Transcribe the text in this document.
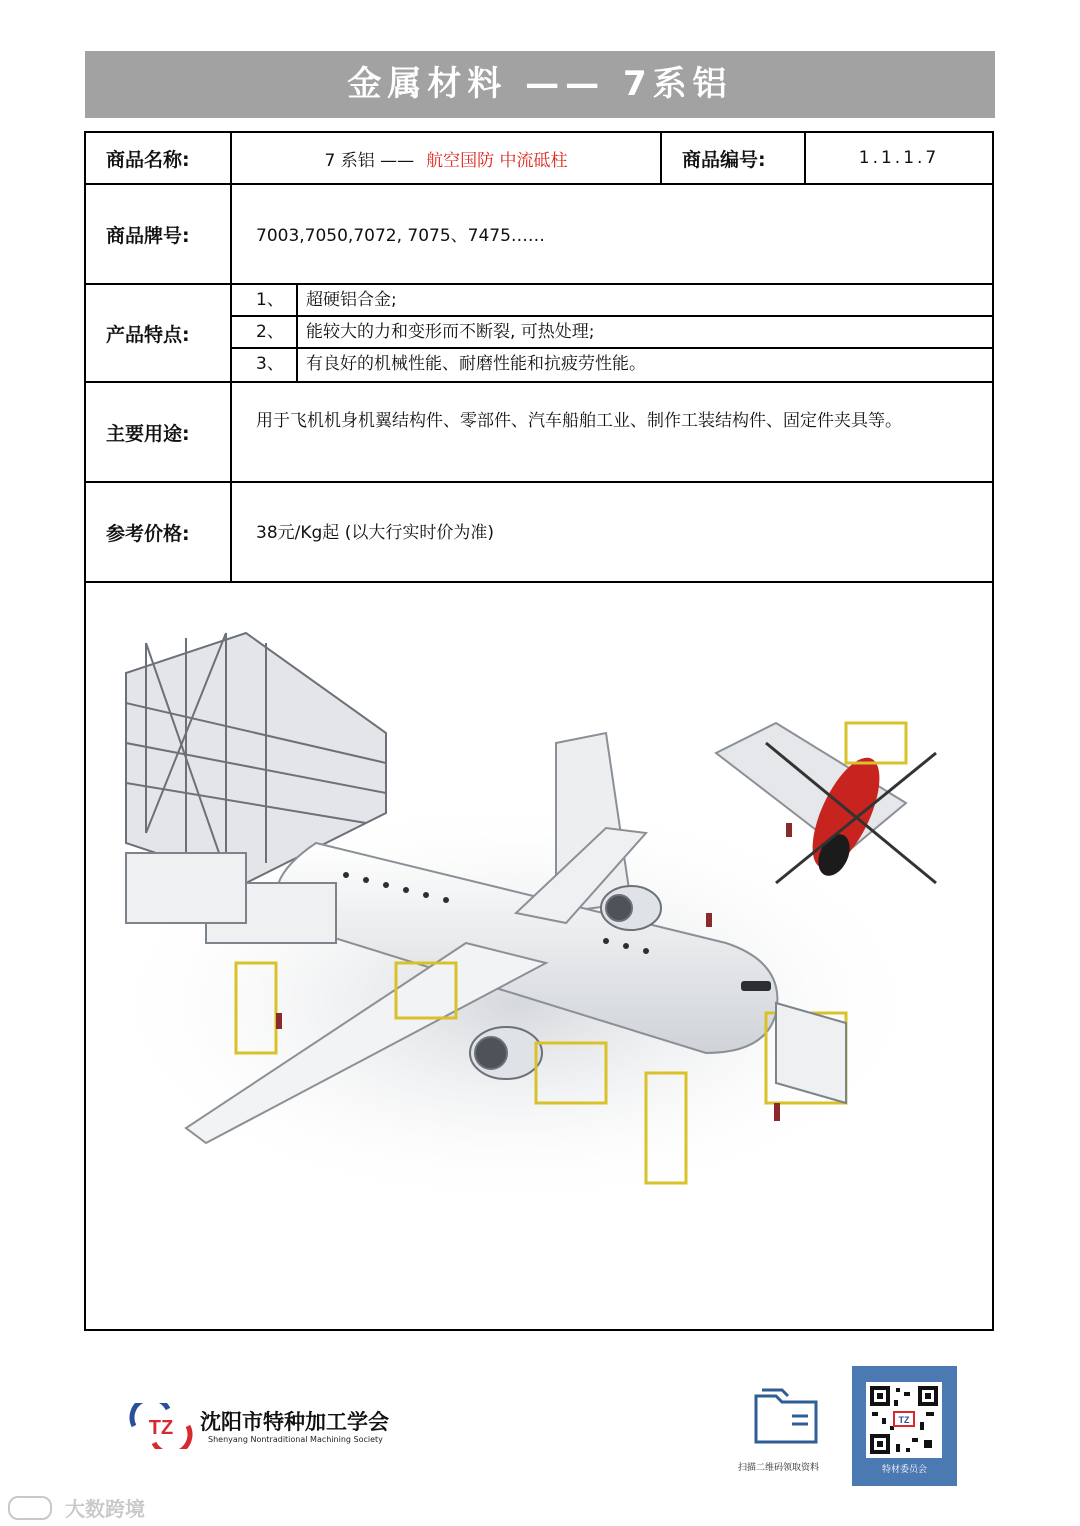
金属材料 —— 7系铝
商品名称:	7 系铝 —— 航空国防 中流砥柱	商品编号:	1.1.1.7
商品牌号:	7003,7050,7072, 7075、7475……
产品特点:
1、	超硬铝合金;
2、	能较大的力和变形而不断裂, 可热处理;
3、	有良好的机械性能、耐磨性能和抗疲劳性能。
主要用途:
用于飞机机身机翼结构件、零部件、汽车船舶工业、制作工装结构件、固定件夹具等。
参考价格:	38元/Kg起 (以大行实时价为准)
TZ 沈阳市特种加工学会
Shenyang Nontraditional Machining Society
扫描二维码领取资料
TZ
特材委员会
大数跨境
